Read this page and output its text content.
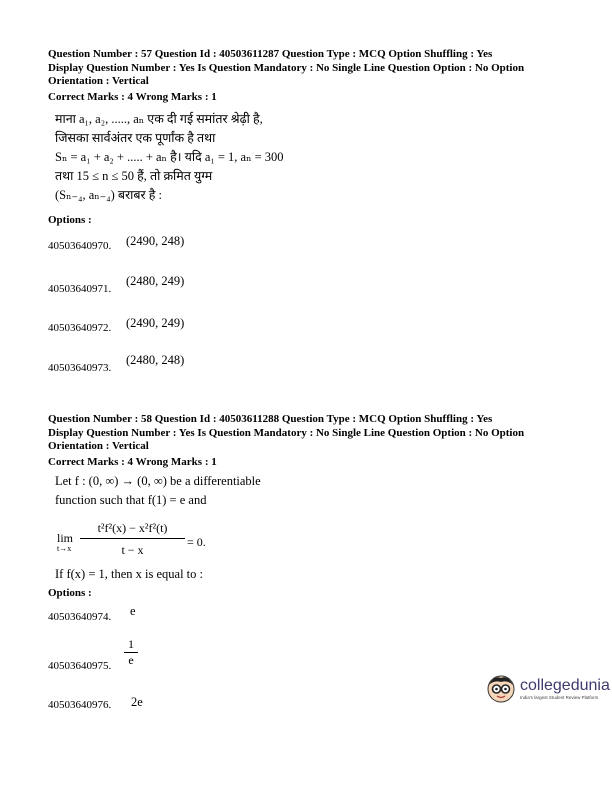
Question Number : 57 Question Id : 40503611287 Question Type : MCQ Option Shuffling : Yes
Display Question Number : Yes Is Question Mandatory : No Single Line Question Option : No Option
Orientation : Vertical
Correct Marks : 4 Wrong Marks : 1
माना a₁, a₂, ....., aₙ एक दी गई समांतर श्रेढ़ी है,
जिसका सार्वअंतर एक पूर्णांक है तथा
Sₙ = a₁ + a₂ + ..... + aₙ है। यदि a₁ = 1, aₙ = 300
तथा 15 ≤ n ≤ 50 हैं, तो क्रमित युग्म
(Sₙ₋₄, aₙ₋₄) बराबर है :
Options :
40503640970. (2490, 248)
40503640971.
(2480, 249)
40503640972. (2490, 249)
40503640973.
(2480, 248)
Question Number : 58 Question Id : 40503611288 Question Type : MCQ Option Shuffling : Yes
Display Question Number : Yes Is Question Mandatory : No Single Line Question Option : No Option
Orientation : Vertical
Correct Marks : 4 Wrong Marks : 1
Let f : (0, ∞) → (0, ∞) be a differentiable
function such that f(1) = e and
lim
t→x
t²f²(x) − x²f²(t)
t − x
= 0.
If f(x) = 1, then x is equal to :
Options :
40503640974. e
40503640975.
1
e
40503640976. 2e
collegedunia
India's largest Student Review Platform
